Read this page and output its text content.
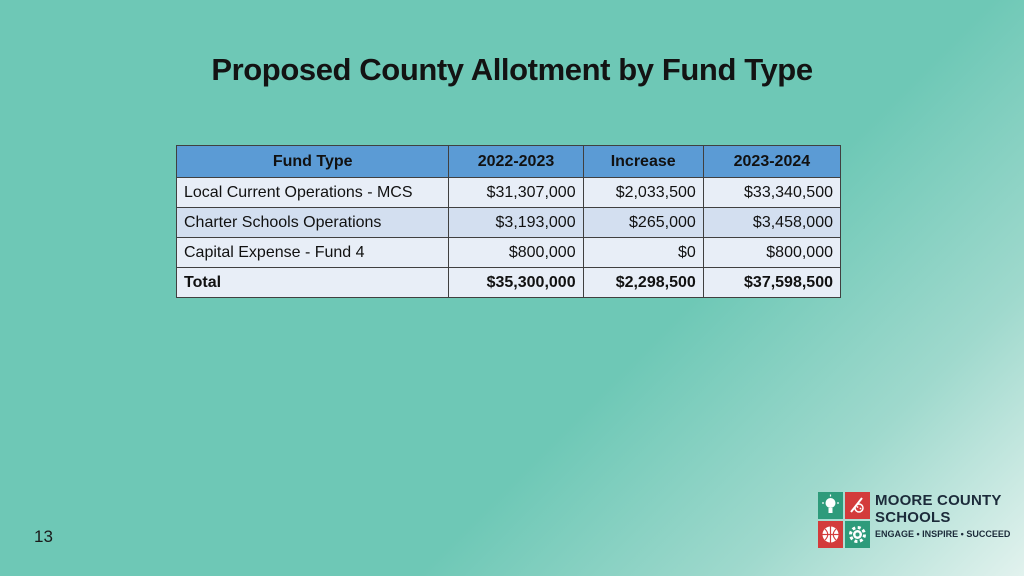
Proposed County Allotment by Fund Type
Fund Type	2022-2023	Increase	2023-2024
Local Current Operations - MCS	$31,307,000	$2,033,500	$33,340,500
Charter Schools Operations	$3,193,000	$265,000	$3,458,000
Capital Expense - Fund 4	$800,000	$0	$800,000
Total	$35,300,000	$2,298,500	$37,598,500
13
MOORE COUNTY
SCHOOLS
ENGAGE • INSPIRE • SUCCEED
